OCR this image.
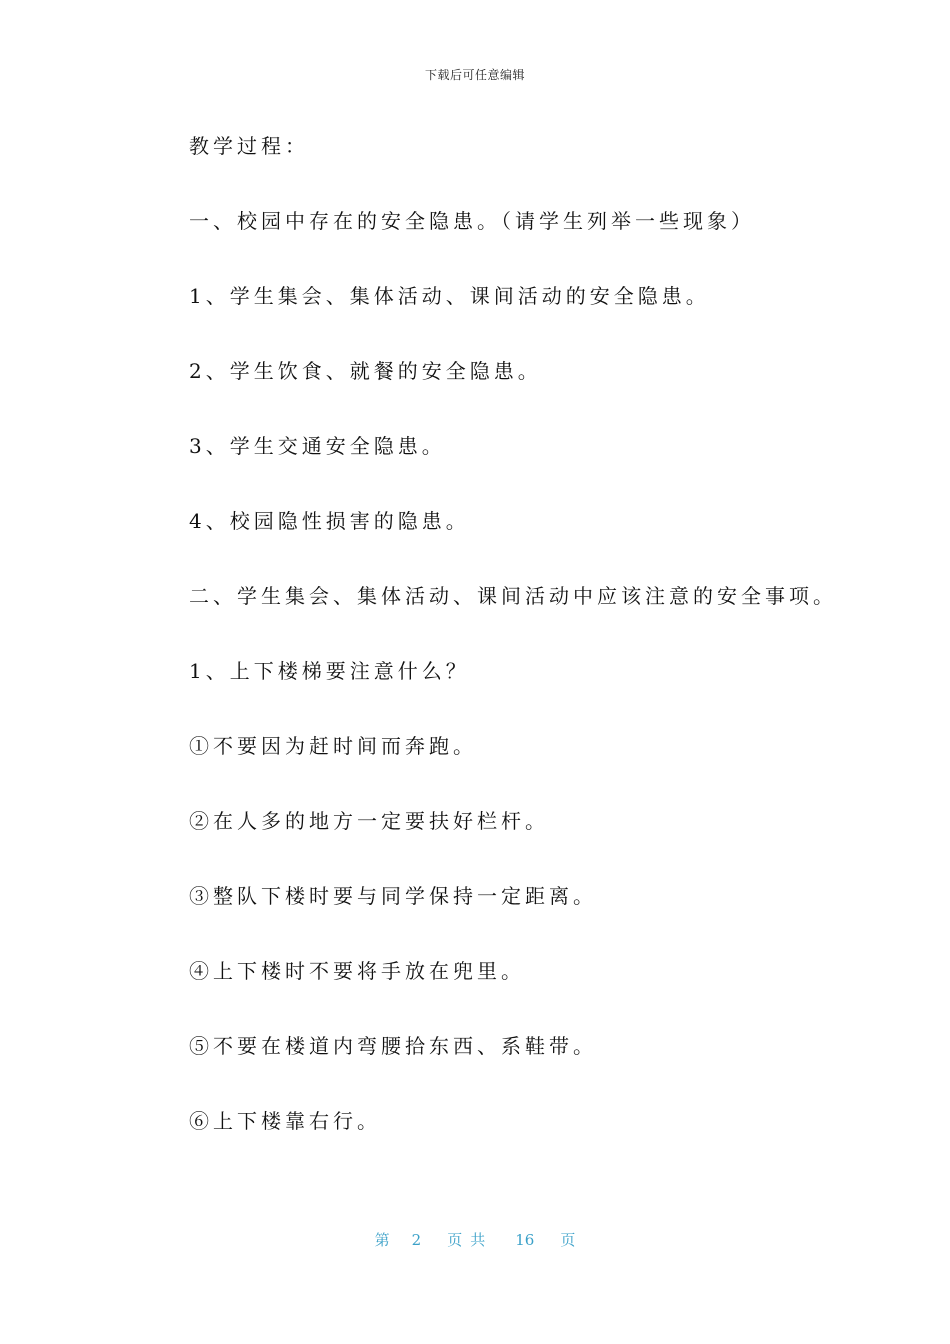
下载后可任意编辑
教学过程：
一、校园中存在的安全隐患。（请学生列举一些现象）
1、学生集会、集体活动、课间活动的安全隐患。
2、学生饮食、就餐的安全隐患。
3、学生交通安全隐患。
4、校园隐性损害的隐患。
二、学生集会、集体活动、课间活动中应该注意的安全事项。
1、上下楼梯要注意什么？
①不要因为赶时间而奔跑。
②在人多的地方一定要扶好栏杆。
③整队下楼时要与同学保持一定距离。
④上下楼时不要将手放在兜里。
⑤不要在楼道内弯腰拾东西、系鞋带。
⑥上下楼靠右行。
第 2 页共 16 页
